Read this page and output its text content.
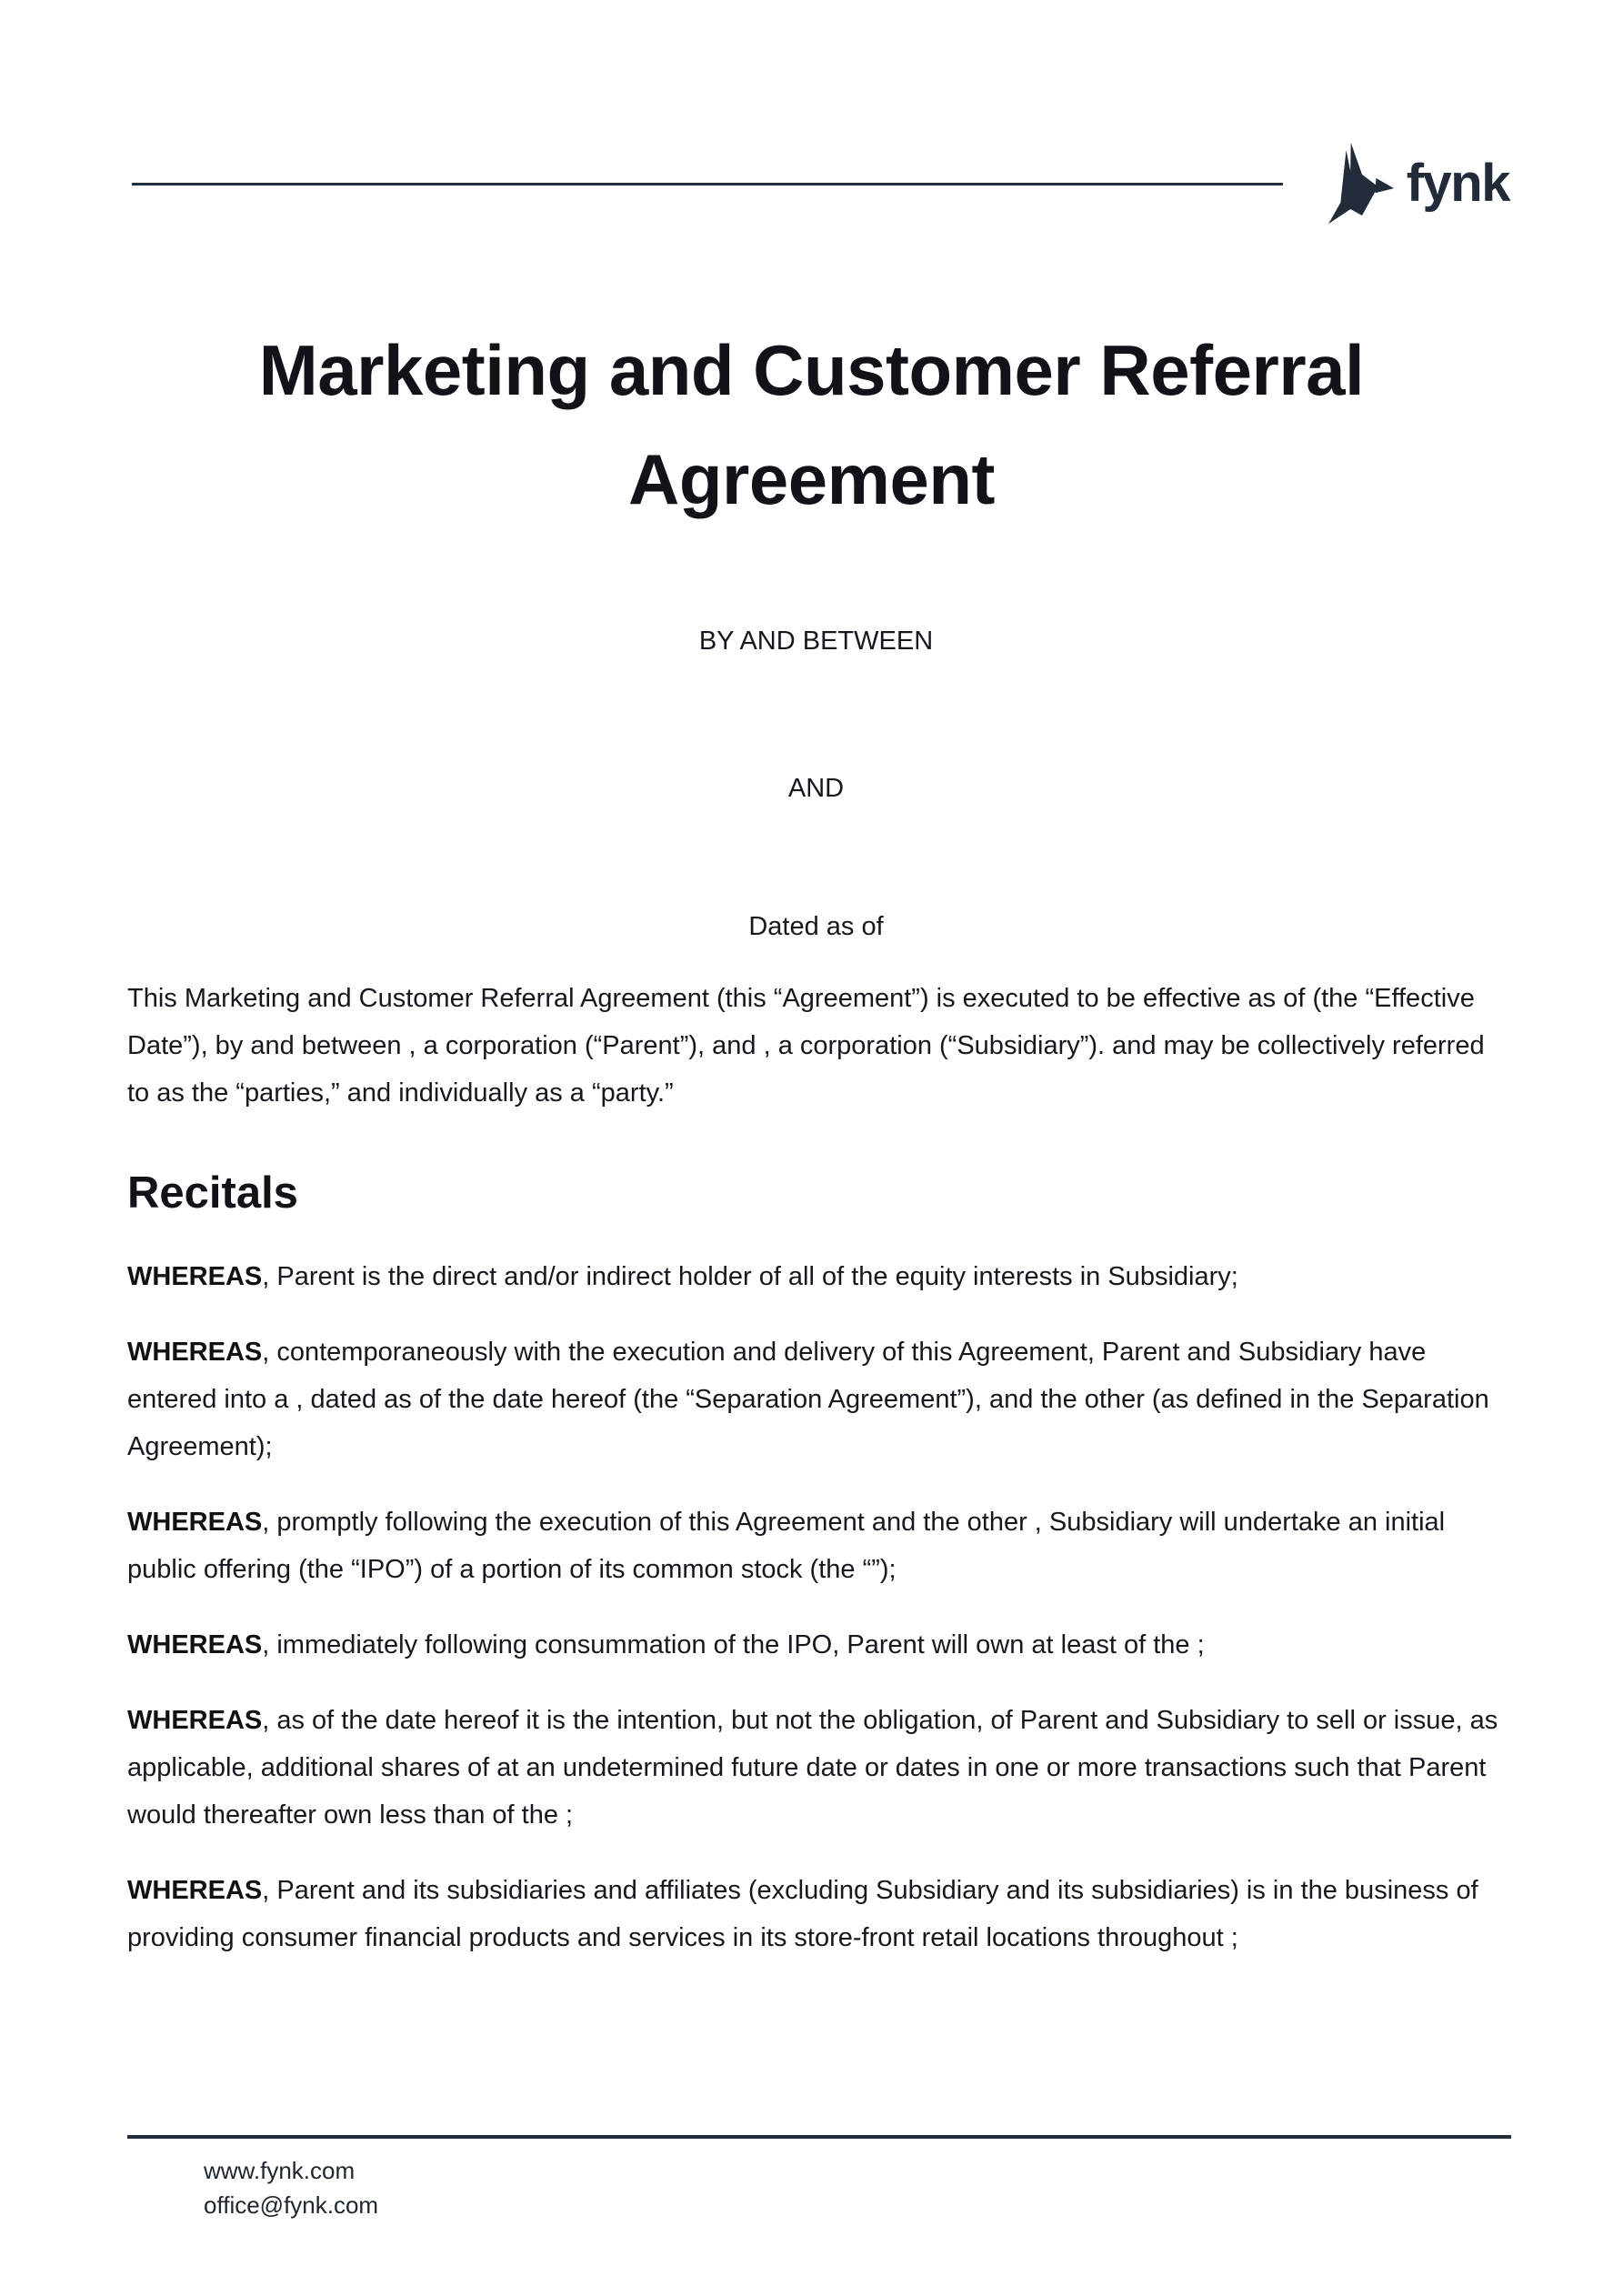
fynk
Marketing and Customer Referral Agreement

BY AND BETWEEN

AND

Dated as of

This Marketing and Customer Referral Agreement (this “Agreement”) is executed to be effective as of (the “Effective Date”), by and between , a corporation (“Parent”), and , a corporation (“Subsidiary”). and may be collectively referred to as the “parties,” and individually as a “party.”

Recitals

WHEREAS, Parent is the direct and/or indirect holder of all of the equity interests in Subsidiary;

WHEREAS, contemporaneously with the execution and delivery of this Agreement, Parent and Subsidiary have entered into a , dated as of the date hereof (the “Separation Agreement”), and the other (as defined in the Separation Agreement);

WHEREAS, promptly following the execution of this Agreement and the other , Subsidiary will undertake an initial public offering (the “IPO”) of a portion of its common stock (the “”);

WHEREAS, immediately following consummation of the IPO, Parent will own at least of the ;

WHEREAS, as of the date hereof it is the intention, but not the obligation, of Parent and Subsidiary to sell or issue, as applicable, additional shares of at an undetermined future date or dates in one or more transactions such that Parent would thereafter own less than of the ;

WHEREAS, Parent and its subsidiaries and affiliates (excluding Subsidiary and its subsidiaries) is in the business of providing consumer financial products and services in its store-front retail locations throughout ;

www.fynk.com

office@fynk.com
